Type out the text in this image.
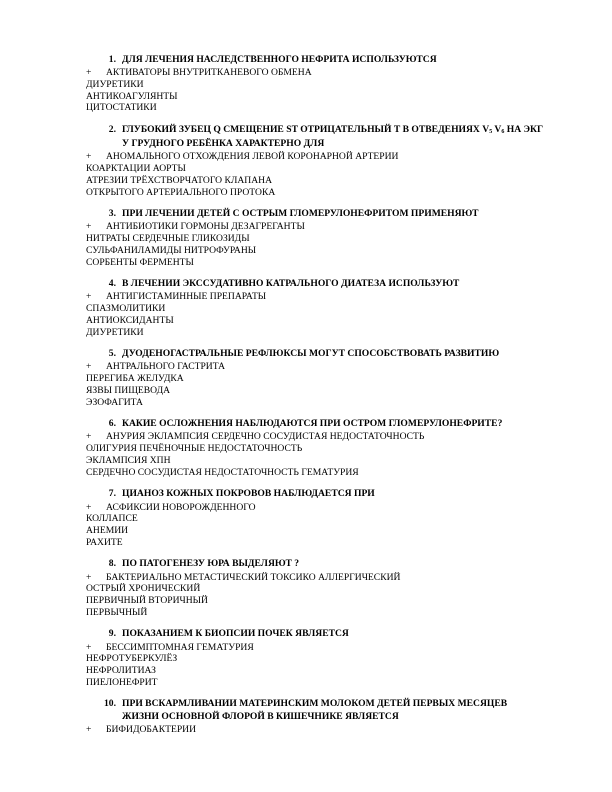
1. ДЛЯ ЛЕЧЕНИЯ НАСЛЕДСТВЕННОГО НЕФРИТА ИСПОЛЬЗУЮТСЯ
+	АКТИВАТОРЫ ВНУТРИТКАНЕВОГО ОБМЕНА
ДИУРЕТИКИ
АНТИКОАГУЛЯНТЫ
ЦИТОСТАТИКИ
2. ГЛУБОКИЙ ЗУБЕЦ Q СМЕЩЕНИЕ ST ОТРИЦАТЕЛЬНЫЙ Т В ОТВЕДЕНИЯХ $V_5$ $V_6$ НА ЭКГ У ГРУДНОГО РЕБЁНКА ХАРАКТЕРНО ДЛЯ
+	АНОМАЛЬНОГО ОТХОЖДЕНИЯ ЛЕВОЙ КОРОНАРНОЙ АРТЕРИИ
КОАРКТАЦИИ АОРТЫ
АТРЕЗИИ ТРЁХСТВОРЧАТОГО КЛАПАНА
ОТКРЫТОГО АРТЕРИАЛЬНОГО ПРОТОКА
3. ПРИ ЛЕЧЕНИИ ДЕТЕЙ С ОСТРЫМ ГЛОМЕРУЛОНЕФРИТОМ ПРИМЕНЯЮТ
+	АНТИБИОТИКИ ГОРМОНЫ ДЕЗАГРЕГАНТЫ
НИТРАТЫ СЕРДЕЧНЫЕ ГЛИКОЗИДЫ
СУЛЬФАНИЛАМИДЫ НИТРОФУРАНЫ
СОРБЕНТЫ ФЕРМЕНТЫ
4. В ЛЕЧЕНИИ ЭКССУДАТИВНО КАТРАЛЬНОГО ДИАТЕЗА ИСПОЛЬЗУЮТ
+	АНТИГИСТАМИННЫЕ ПРЕПАРАТЫ
СПАЗМОЛИТИКИ
АНТИОКСИДАНТЫ
ДИУРЕТИКИ
5. ДУОДЕНОГАСТРАЛЬНЫЕ РЕФЛЮКСЫ МОГУТ СПОСОБСТВОВАТЬ РАЗВИТИЮ
+	АНТРАЛЬНОГО ГАСТРИТА
ПЕРЕГИБА ЖЕЛУДКА
ЯЗВЫ ПИЩЕВОДА
ЭЗОФАГИТА
6. КАКИЕ ОСЛОЖНЕНИЯ НАБЛЮДАЮТСЯ ПРИ ОСТРОМ ГЛОМЕРУЛОНЕФРИТЕ?
+	АНУРИЯ ЭКЛАМПСИЯ СЕРДЕЧНО СОСУДИСТАЯ НЕДОСТАТОЧНОСТЬ
ОЛИГУРИЯ ПЕЧЁНОЧНЫЕ НЕДОСТАТОЧНОСТЬ
ЭКЛАМПСИЯ ХПН
СЕРДЕЧНО СОСУДИСТАЯ НЕДОСТАТОЧНОСТЬ ГЕМАТУРИЯ
7. ЦИАНОЗ КОЖНЫХ ПОКРОВОВ НАБЛЮДАЕТСЯ ПРИ
+	АСФИКСИИ НОВОРОЖДЕННОГО
КОЛЛАПСЕ
АНЕМИИ
РАХИТЕ
8. ПО ПАТОГЕНЕЗУ ЮРА ВЫДЕЛЯЮТ ?
+	БАКТЕРИАЛЬНО МЕТАСТИЧЕСКИЙ ТОКСИКО АЛЛЕРГИЧЕСКИЙ
ОСТРЫЙ ХРОНИЧЕСКИЙ
ПЕРВИЧНЫЙ ВТОРИЧНЫЙ
ПЕРВЫЧНЫЙ
9. ПОКАЗАНИЕМ К БИОПСИИ ПОЧЕК ЯВЛЯЕТСЯ
+	БЕССИМПТОМНАЯ ГЕМАТУРИЯ
НЕФРОТУБЕРКУЛЁЗ
НЕФРОЛИТИАЗ
ПИЕЛОНЕФРИТ
10. ПРИ ВСКАРМЛИВАНИИ МАТЕРИНСКИМ МОЛОКОМ ДЕТЕЙ ПЕРВЫХ МЕСЯЦЕВ ЖИЗНИ ОСНОВНОЙ ФЛОРОЙ В КИШЕЧНИКЕ ЯВЛЯЕТСЯ
+	БИФИДОБАКТЕРИИ
